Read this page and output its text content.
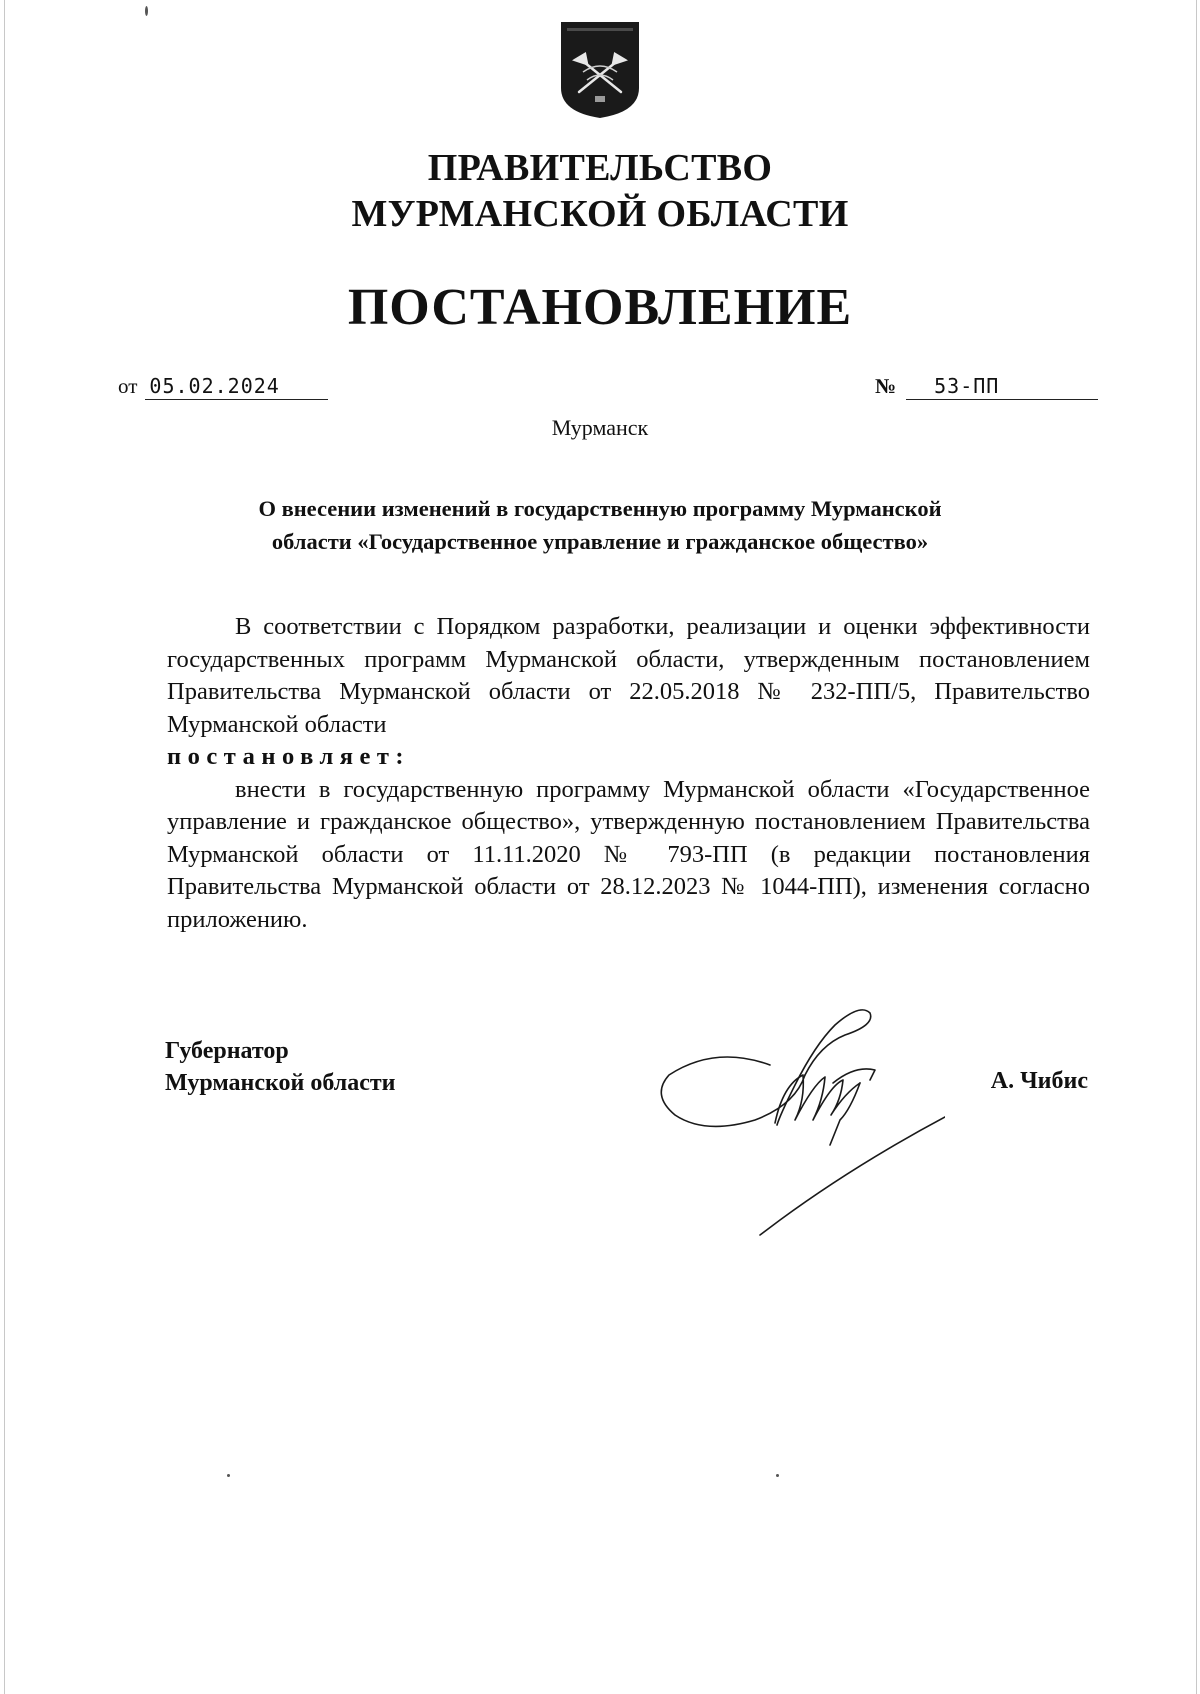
ПРАВИТЕЛЬСТВО
МУРМАНСКОЙ ОБЛАСТИ
ПОСТАНОВЛЕНИЕ
от 05.02.2024	№	53-ПП
Мурманск
О внесении изменений в государственную программу Мурманской
области «Государственное управление и гражданское общество»

В соответствии с Порядком разработки, реализации и оценки эффективности государственных программ Мурманской области, утвержденным постановлением Правительства Мурманской области от 22.05.2018 № 232-ПП/5, Правительство Мурманской области

постановляет:

внести в государственную программу Мурманской области «Государственное управление и гражданское общество», утвержденную постановлением Правительства Мурманской области от 11.11.2020 № 793-ПП (в редакции постановления Правительства Мурманской области от 28.12.2023 № 1044-ПП), изменения согласно приложению.

Губернатор
Мурманской области	А. Чибис
